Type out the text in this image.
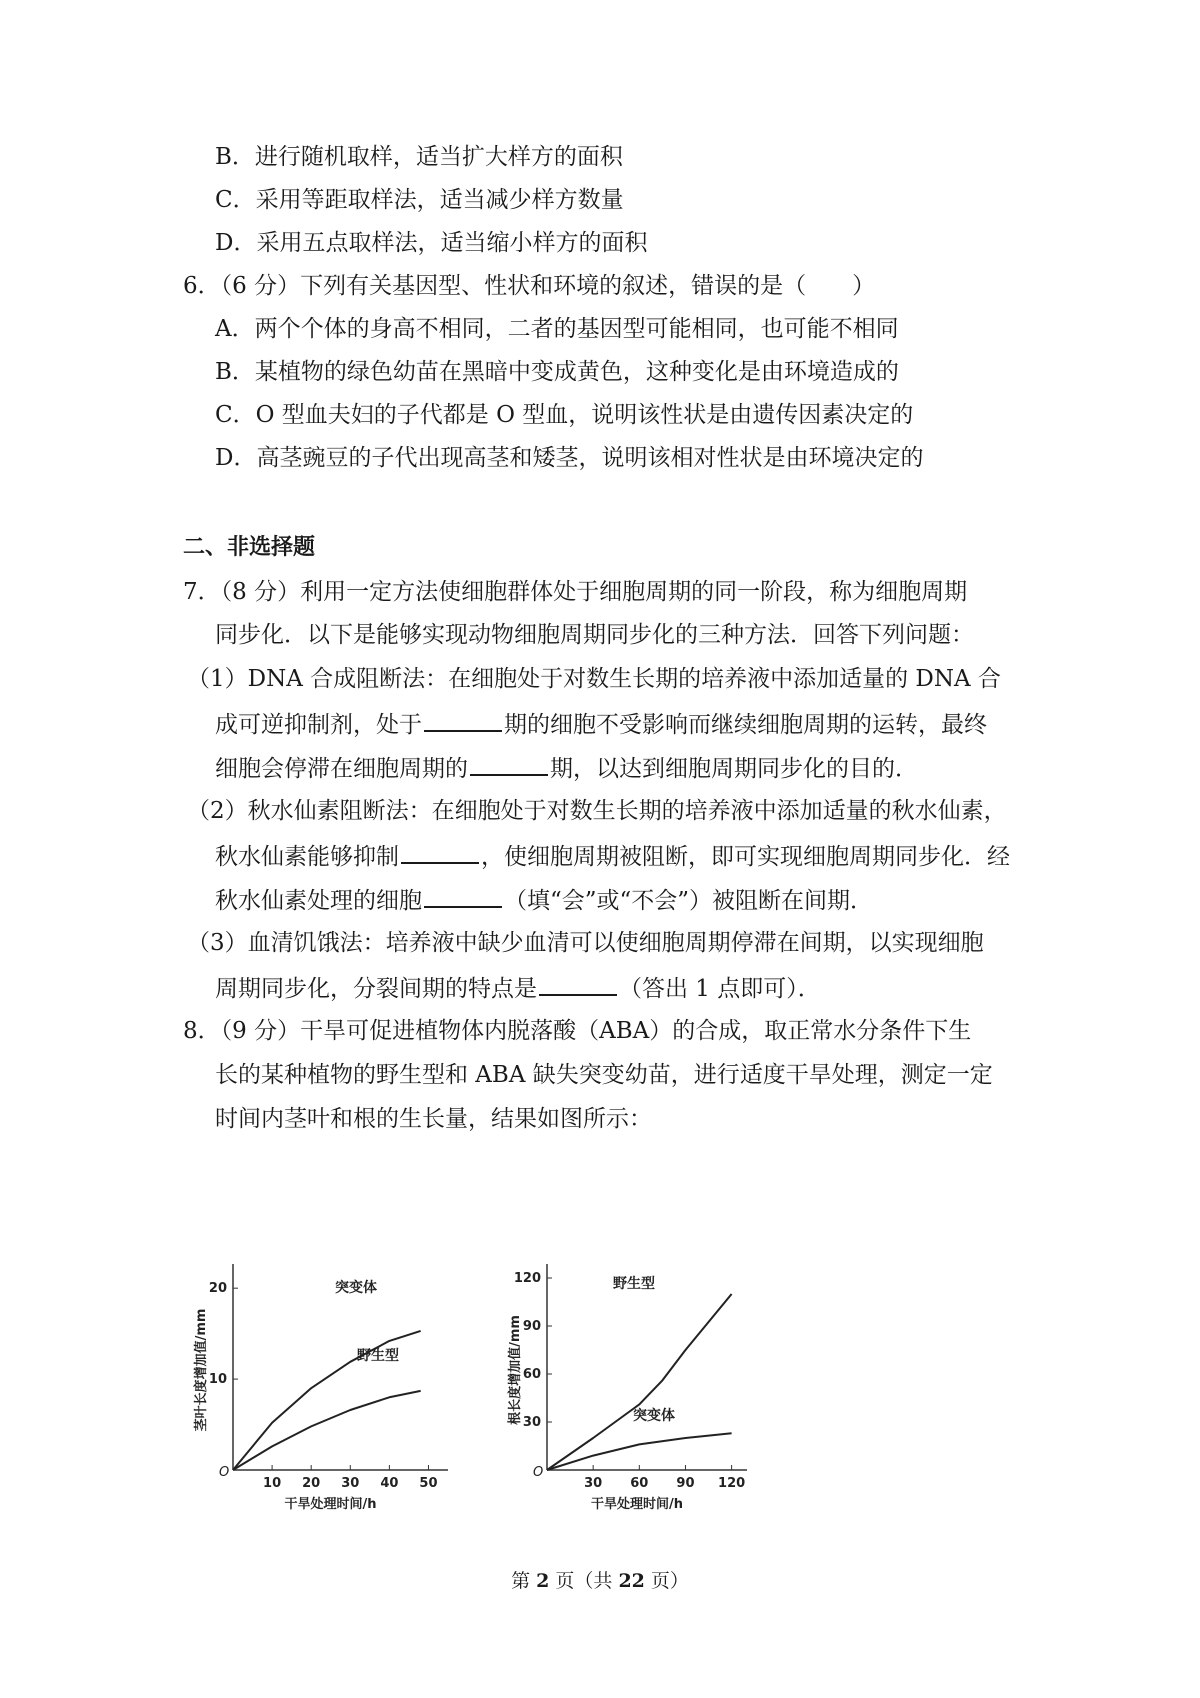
B．进行随机取样，适当扩大样方的面积
C．采用等距取样法，适当减少样方数量
D．采用五点取样法，适当缩小样方的面积
6．（6 分）下列有关基因型、性状和环境的叙述，错误的是（　　）
A．两个个体的身高不相同，二者的基因型可能相同，也可能不相同
B．某植物的绿色幼苗在黑暗中变成黄色，这种变化是由环境造成的
C．O 型血夫妇的子代都是 O 型血，说明该性状是由遗传因素决定的
D．高茎豌豆的子代出现高茎和矮茎，说明该相对性状是由环境决定的
二、非选择题
7．（8 分）利用一定方法使细胞群体处于细胞周期的同一阶段，称为细胞周期
同步化．以下是能够实现动物细胞周期同步化的三种方法．回答下列问题：
（1）DNA 合成阻断法：在细胞处于对数生长期的培养液中添加适量的 DNA 合
成可逆抑制剂，处于	期的细胞不受影响而继续细胞周期的运转，最终
细胞会停滞在细胞周期的	期，以达到细胞周期同步化的目的．
（2）秋水仙素阻断法：在细胞处于对数生长期的培养液中添加适量的秋水仙素，
秋水仙素能够抑制	，使细胞周期被阻断，即可实现细胞周期同步化．经
秋水仙素处理的细胞	（填“会”或“不会”）被阻断在间期．
（3）血清饥饿法：培养液中缺少血清可以使细胞周期停滞在间期，以实现细胞
周期同步化，分裂间期的特点是	（答出 1 点即可）．
8．（9 分）干旱可促进植物体内脱落酸（ABA）的合成，取正常水分条件下生
长的某种植物的野生型和 ABA 缺失突变幼苗，进行适度干旱处理，测定一定
时间内茎叶和根的生长量，结果如图所示：
O
10 20 30 40 50
10
20
干旱处理时间/h
茎叶长度增加值/mm
突变体
野生型
O
30 60 90 120
30
60
90
120
干旱处理时间/h
根长度增加值/mm
野生型
突变体
第 2 页（共 22 页）
